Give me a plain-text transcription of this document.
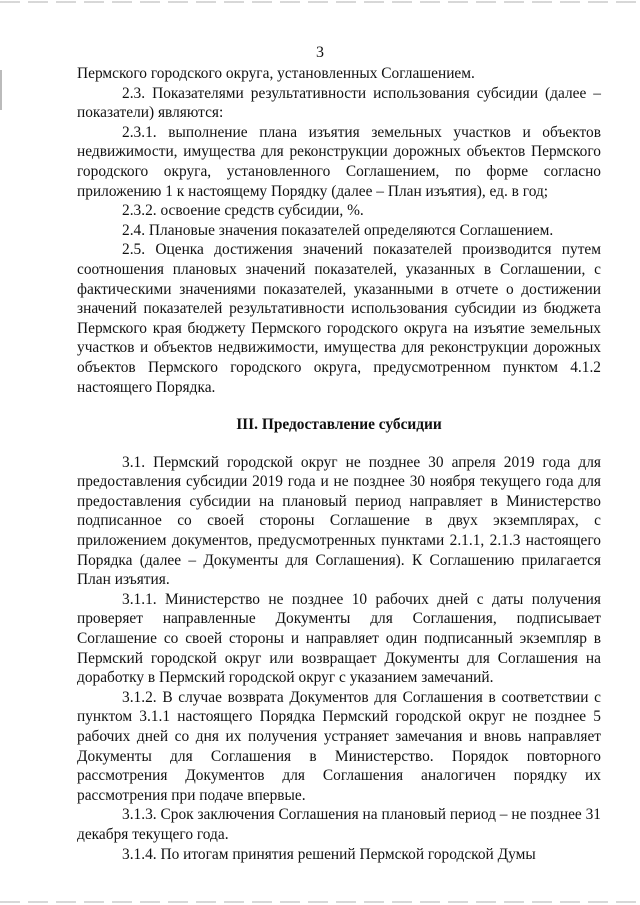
3

Пермского городского округа, установленных Соглашением.

2.3. Показателями результативности использования субсидии (далее – показатели) являются:

2.3.1. выполнение плана изъятия земельных участков и объектов недвижимости, имущества для реконструкции дорожных объектов Пермского городского округа, установленного Соглашением, по форме согласно приложению 1 к настоящему Порядку (далее – План изъятия), ед. в год;

2.3.2. освоение средств субсидии, %.

2.4. Плановые значения показателей определяются Соглашением.

2.5. Оценка достижения значений показателей производится путем соотношения плановых значений показателей, указанных в Соглашении, с фактическими значениями показателей, указанными в отчете о достижении значений показателей результативности использования субсидии из бюджета Пермского края бюджету Пермского городского округа на изъятие земельных участков и объектов недвижимости, имущества для реконструкции дорожных объектов Пермского городского округа, предусмотренном пунктом 4.1.2 настоящего Порядка.

III. Предоставление субсидии

3.1. Пермский городской округ не позднее 30 апреля 2019 года для предоставления субсидии 2019 года и не позднее 30 ноября текущего года для предоставления субсидии на плановый период направляет в Министерство подписанное со своей стороны Соглашение в двух экземплярах, с приложением документов, предусмотренных пунктами 2.1.1, 2.1.3 настоящего Порядка (далее – Документы для Соглашения). К Соглашению прилагается План изъятия.

3.1.1. Министерство не позднее 10 рабочих дней с даты получения проверяет направленные Документы для Соглашения, подписывает Соглашение со своей стороны и направляет один подписанный экземпляр в Пермский городской округ или возвращает Документы для Соглашения на доработку в Пермский городской округ с указанием замечаний.

3.1.2. В случае возврата Документов для Соглашения в соответствии с пунктом 3.1.1 настоящего Порядка Пермский городской округ не позднее 5 рабочих дней со дня их получения устраняет замечания и вновь направляет Документы для Соглашения в Министерство. Порядок повторного рассмотрения Документов для Соглашения аналогичен порядку их рассмотрения при подаче впервые.

3.1.3. Срок заключения Соглашения на плановый период – не позднее 31 декабря текущего года.

3.1.4. По итогам принятия решений Пермской городской Думы
